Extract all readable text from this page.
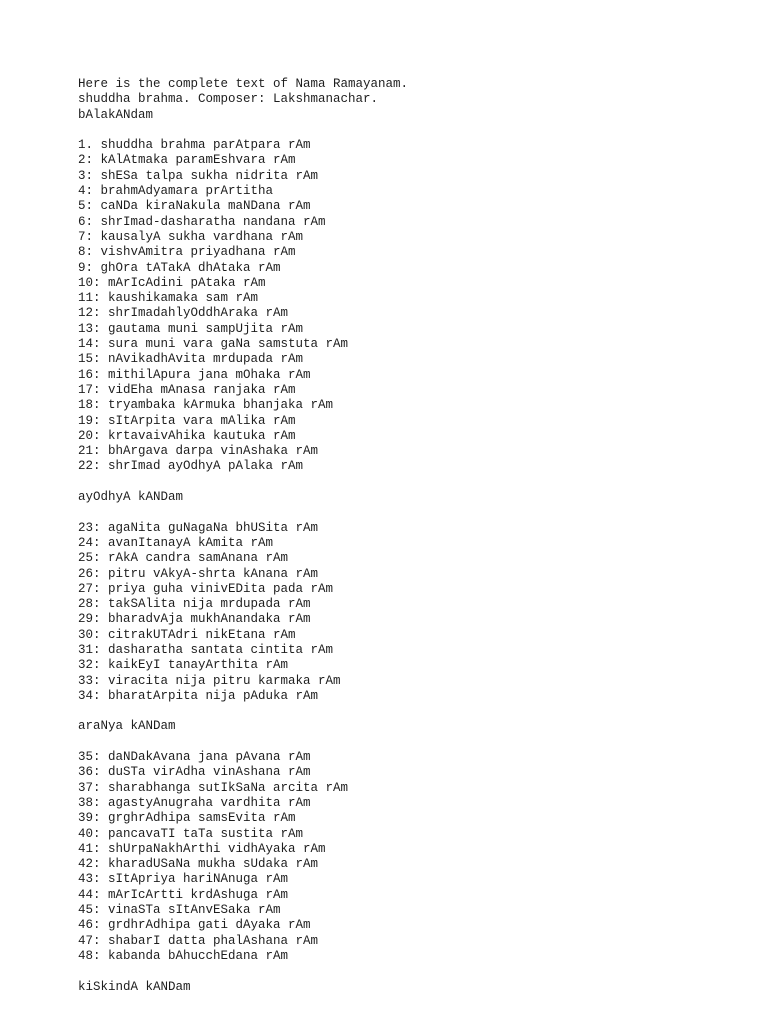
Here is the complete text of Nama Ramayanam.
shuddha brahma. Composer: Lakshmanachar.
bAlakANdam
1. shuddha brahma parAtpara rAm
2: kAlAtmaka paramEshvara rAm
3: shESa talpa sukha nidrita rAm
4: brahmAdyamara prArtitha
5: caNDa kiraNakula maNDana rAm
6: shrImad-dasharatha nandana rAm
7: kausalyA sukha vardhana rAm
8: vishvAmitra priyadhana rAm
9: ghOra tATakA dhAtaka rAm
10: mArIcAdini pAtaka rAm
11: kaushikamaka sam rAm
12: shrImadahlyOddhAraka rAm
13: gautama muni sampUjita rAm
14: sura muni vara gaNa samstuta rAm
15: nAvikadhAvita mrdupada rAm
16: mithilApura jana mOhaka rAm
17: vidEha mAnasa ranjaka rAm
18: tryambaka kArmuka bhanjaka rAm
19: sItArpita vara mAlika rAm
20: krtavaivAhika kautuka rAm
21: bhArgava darpa vinAshaka rAm
22: shrImad ayOdhyA pAlaka rAm
ayOdhyA kANDam
23: agaNita guNagaNa bhUSita rAm
24: avanItanayA kAmita rAm
25: rAkA candra samAnana rAm
26: pitru vAkyA-shrta kAnana rAm
27: priya guha vinivEDita pada rAm
28: takSAlita nija mrdupada rAm
29: bharadvAja mukhAnandaka rAm
30: citrakUTAdri nikEtana rAm
31: dasharatha santata cintita rAm
32: kaikEyI tanayArthita rAm
33: viracita nija pitru karmaka rAm
34: bharatArpita nija pAduka rAm
araNya kANDam
35: daNDakAvana jana pAvana rAm
36: duSTa virAdha vinAshana rAm
37: sharabhanga sutIkSaNa arcita rAm
38: agastyAnugraha vardhita rAm
39: grghrAdhipa samsEvita rAm
40: pancavaTI taTa sustita rAm
41: shUrpaNakhArthi vidhAyaka rAm
42: kharadUSaNa mukha sUdaka rAm
43: sItApriya hariNAnuga rAm
44: mArIcArtti krdAshuga rAm
45: vinaSTa sItAnvESaka rAm
46: grdhrAdhipa gati dAyaka rAm
47: shabarI datta phalAshana rAm
48: kabanda bAhucchEdana rAm
kiSkindA kANDam
